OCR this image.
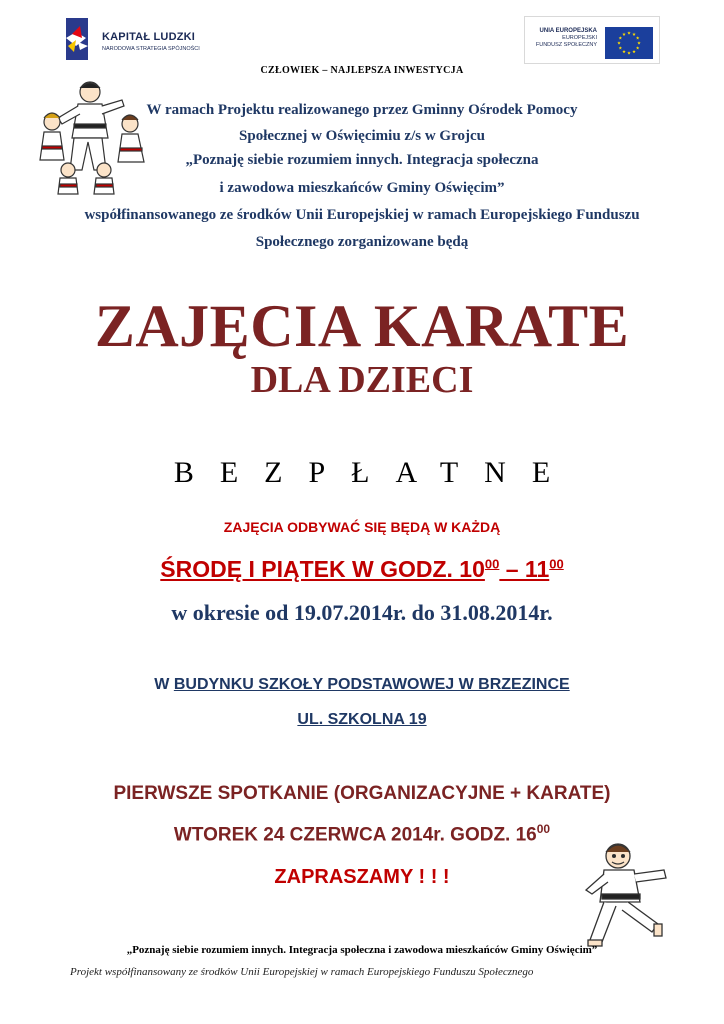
KAPITAŁ LUDZKI
NARODOWA STRATEGIA SPÓJNOŚCI
UNIA EUROPEJSKA
EUROPEJSKI
FUNDUSZ SPOŁECZNY
CZŁOWIEK – NAJLEPSZA INWESTYCJA
W ramach Projektu realizowanego przez Gminny Ośrodek Pomocy
Społecznej w Oświęcimiu z/s w Grojcu
„Poznaję siebie rozumiem innych. Integracja społeczna
i zawodowa mieszkańców Gminy Oświęcim”
współfinansowanego ze środków Unii Europejskiej w ramach Europejskiego Funduszu
Społecznego zorganizowane będą
ZAJĘCIA KARATE
DLA DZIECI
BEZPŁATNE
ZAJĘCIA ODBYWAĆ SIĘ BĘDĄ W KAŻDĄ
ŚRODĘ I PIĄTEK W GODZ. $10^{00} - 11^{00}$
w okresie od 19.07.2014r. do 31.08.2014r.
W BUDYNKU SZKOŁY PODSTAWOWEJ W BRZEZINCE
UL. SZKOLNA 19
PIERWSZE SPOTKANIE (ORGANIZACYJNE + KARATE)
WTOREK 24 CZERWCA 2014r. GODZ. $16^{00}$
ZAPRASZAMY ! ! !
„Poznaję siebie rozumiem innych. Integracja społeczna i zawodowa mieszkańców Gminy Oświęcim”
Projekt współfinansowany ze środków Unii Europejskiej w ramach Europejskiego Funduszu Społecznego
